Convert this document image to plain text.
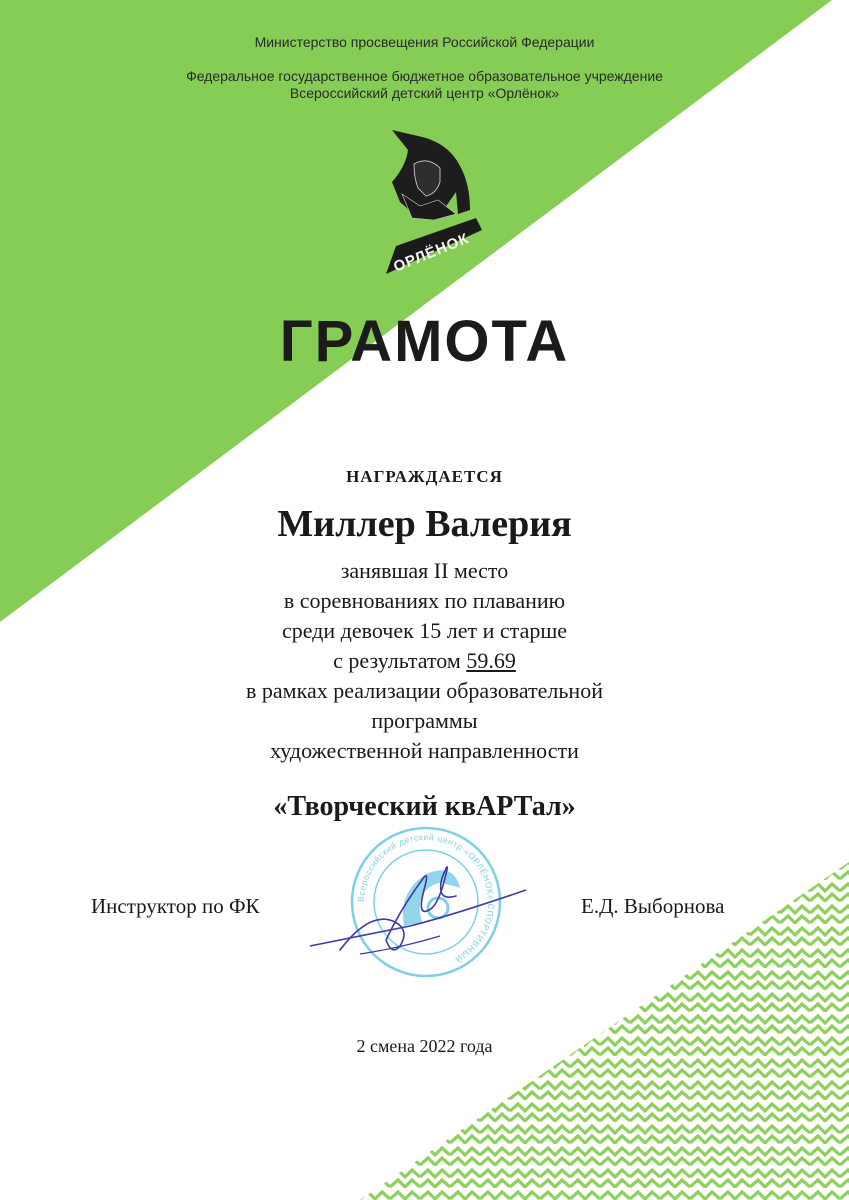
Министерство просвещения Российской Федерации
Федеральное государственное бюджетное образовательное учреждение
Всероссийский детский центр «Орлёнок»
ОРЛЁНОК
ГРАМОТА
НАГРАЖДАЕТСЯ
Миллер Валерия
занявшая II место
в соревнованиях по плаванию
среди девочек 15 лет и старше
с результатом 59.69
в рамках реализации образовательной
программы
художественной направленности
«Творческий квАРТал»
Инструктор по ФК	Е.Д. Выборнова
Всероссийский детский центр «ОРЛЁНОК» СПОРТИВНЫЙ
2 смена 2022 года
